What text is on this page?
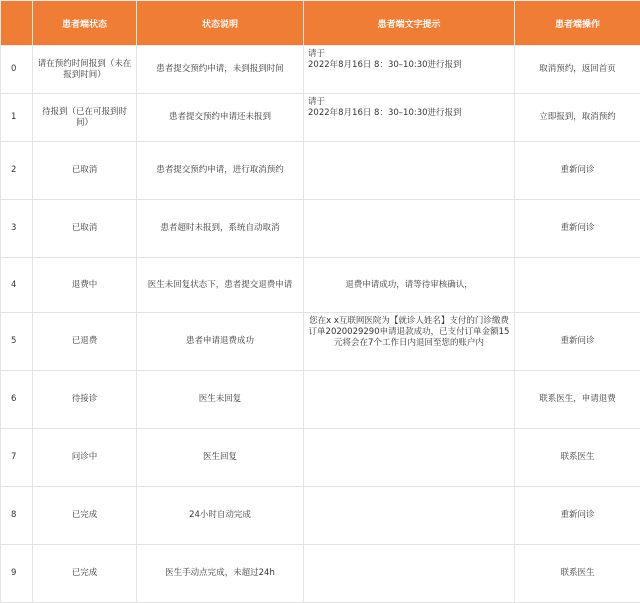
	患者端状态	状态说明	患者端文字提示	患者端操作
0	请在预约时间报到（未在报到时间）	患者提交预约申请，未到报到时间	请于
2022年8月16日 8：30–10:30进行报到	取消预约，返回首页
1	待报到（已在可报到时间）	患者提交预约申请还未报到	请于
2022年8月16日 8：30–10:30进行报到	立即报到，取消预约
2	已取消	患者提交预约申请，进行取消预约		重新问诊
3	已取消	患者超时未报到，系统自动取消		重新问诊
4	退费中	医生未回复状态下，患者提交退费申请	退费申请成功，请等待审核确认，	

5	已退费	患者申请退费成功	您在x x互联网医院为【就诊人姓名】支付的门诊缴费订单2020029290申请退款成功，已支付订单金额15元将会在7个工作日内退回至您的账户内	重新问诊
6	待接诊	医生未回复		联系医生，申请退费
7	问诊中	医生回复		联系医生
8	已完成	24小时自动完成		重新问诊
9	已完成	医生手动点完成，未超过24h		联系医生
